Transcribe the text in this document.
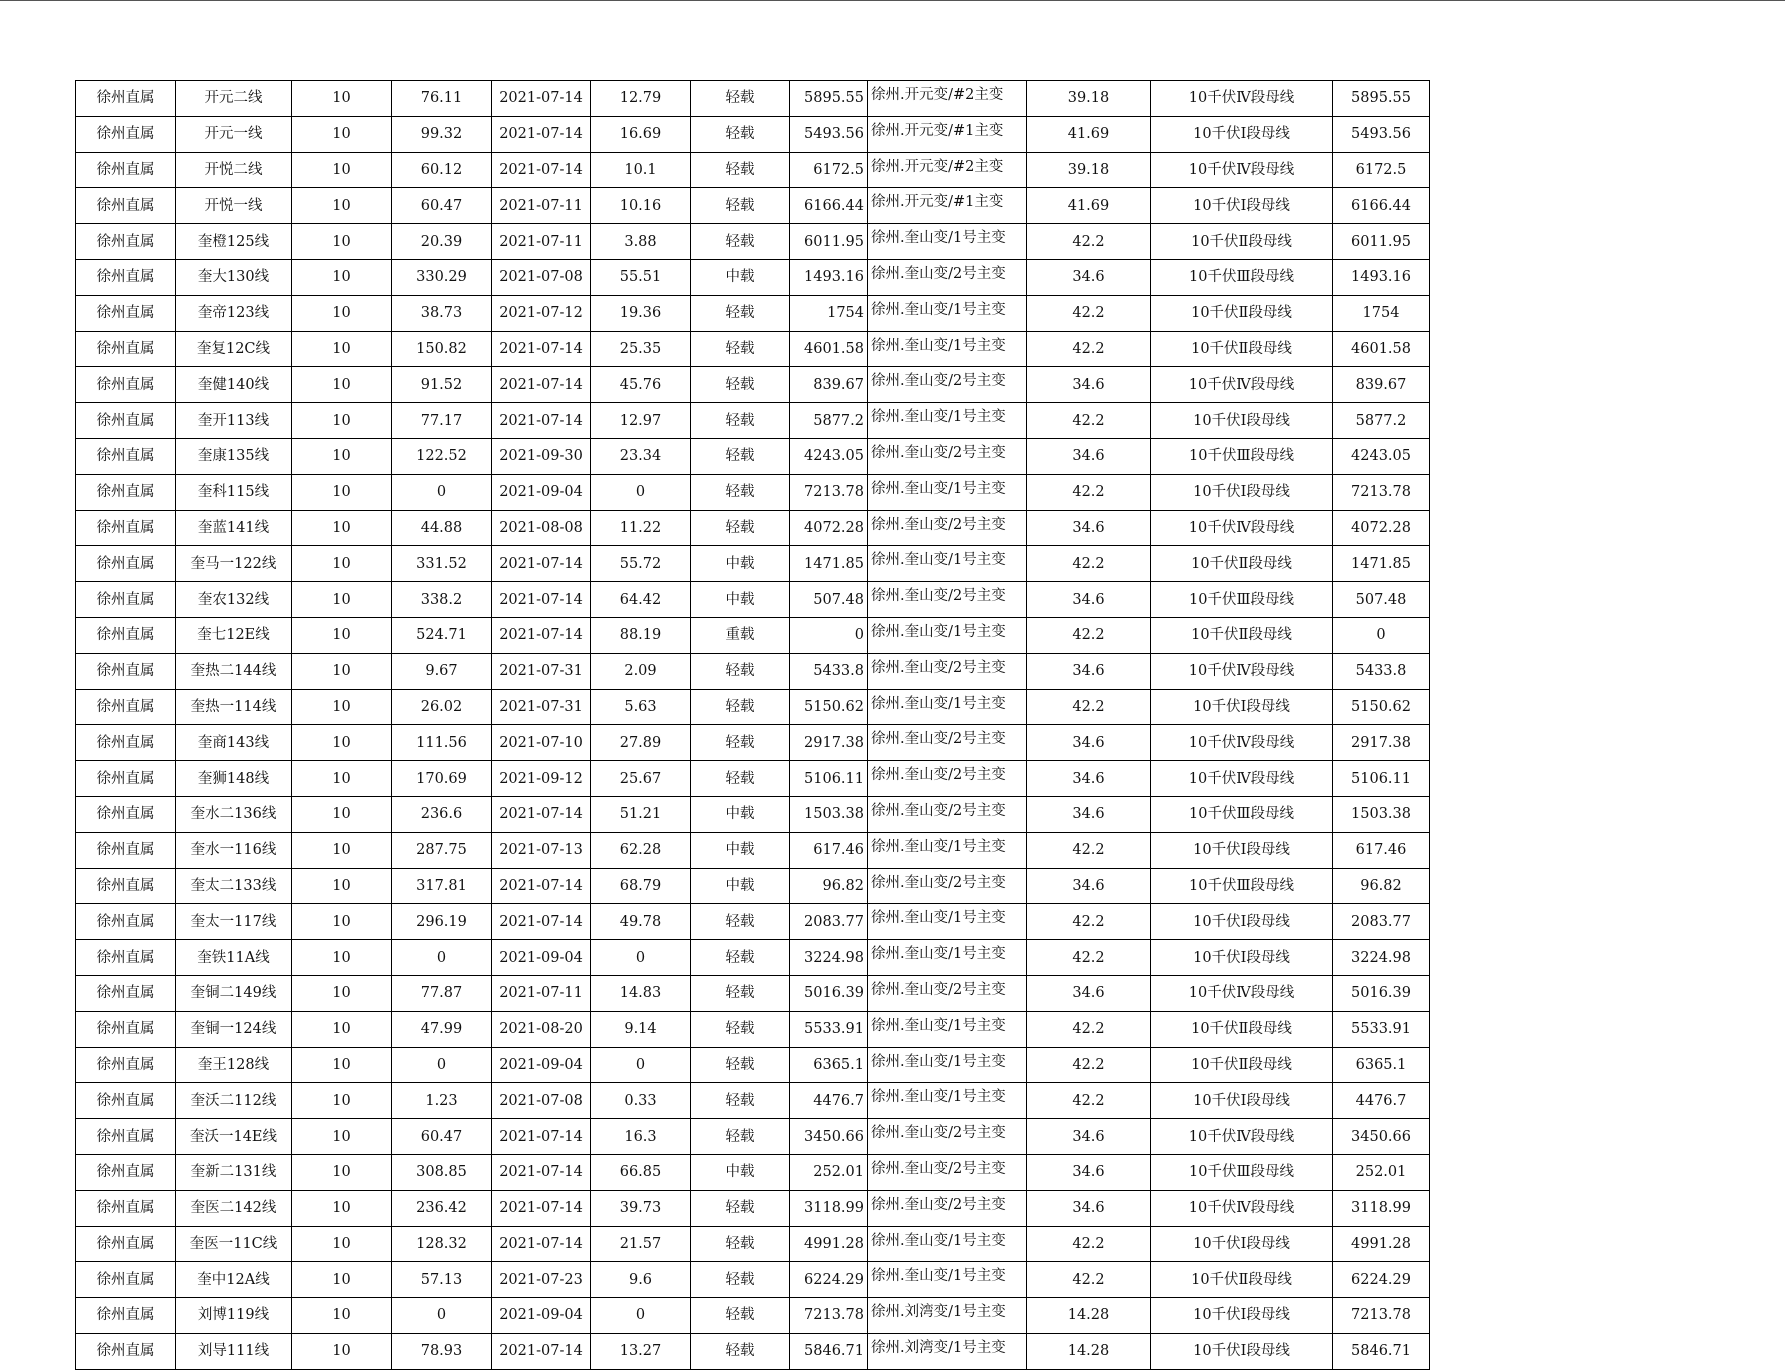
徐州直属	开元二线	10	76.11	2021-07-14	12.79	轻载	5895.55	徐州.开元变/#2主变	39.18	10千伏Ⅳ段母线	5895.55
徐州直属	开元一线	10	99.32	2021-07-14	16.69	轻载	5493.56	徐州.开元变/#1主变	41.69	10千伏Ⅰ段母线	5493.56
徐州直属	开悦二线	10	60.12	2021-07-14	10.1	轻载	6172.5	徐州.开元变/#2主变	39.18	10千伏Ⅳ段母线	6172.5
徐州直属	开悦一线	10	60.47	2021-07-11	10.16	轻载	6166.44	徐州.开元变/#1主变	41.69	10千伏Ⅰ段母线	6166.44
徐州直属	奎橙125线	10	20.39	2021-07-11	3.88	轻载	6011.95	徐州.奎山变/1号主变	42.2	10千伏Ⅱ段母线	6011.95
徐州直属	奎大130线	10	330.29	2021-07-08	55.51	中载	1493.16	徐州.奎山变/2号主变	34.6	10千伏Ⅲ段母线	1493.16
徐州直属	奎帝123线	10	38.73	2021-07-12	19.36	轻载	1754	徐州.奎山变/1号主变	42.2	10千伏Ⅱ段母线	1754
徐州直属	奎复12C线	10	150.82	2021-07-14	25.35	轻载	4601.58	徐州.奎山变/1号主变	42.2	10千伏Ⅱ段母线	4601.58
徐州直属	奎健140线	10	91.52	2021-07-14	45.76	轻载	839.67	徐州.奎山变/2号主变	34.6	10千伏Ⅳ段母线	839.67
徐州直属	奎开113线	10	77.17	2021-07-14	12.97	轻载	5877.2	徐州.奎山变/1号主变	42.2	10千伏Ⅰ段母线	5877.2
徐州直属	奎康135线	10	122.52	2021-09-30	23.34	轻载	4243.05	徐州.奎山变/2号主变	34.6	10千伏Ⅲ段母线	4243.05
徐州直属	奎科115线	10	0	2021-09-04	0	轻载	7213.78	徐州.奎山变/1号主变	42.2	10千伏Ⅰ段母线	7213.78
徐州直属	奎蓝141线	10	44.88	2021-08-08	11.22	轻载	4072.28	徐州.奎山变/2号主变	34.6	10千伏Ⅳ段母线	4072.28
徐州直属	奎马一122线	10	331.52	2021-07-14	55.72	中载	1471.85	徐州.奎山变/1号主变	42.2	10千伏Ⅱ段母线	1471.85
徐州直属	奎农132线	10	338.2	2021-07-14	64.42	中载	507.48	徐州.奎山变/2号主变	34.6	10千伏Ⅲ段母线	507.48
徐州直属	奎七12E线	10	524.71	2021-07-14	88.19	重载	0	徐州.奎山变/1号主变	42.2	10千伏Ⅱ段母线	0
徐州直属	奎热二144线	10	9.67	2021-07-31	2.09	轻载	5433.8	徐州.奎山变/2号主变	34.6	10千伏Ⅳ段母线	5433.8
徐州直属	奎热一114线	10	26.02	2021-07-31	5.63	轻载	5150.62	徐州.奎山变/1号主变	42.2	10千伏Ⅰ段母线	5150.62
徐州直属	奎商143线	10	111.56	2021-07-10	27.89	轻载	2917.38	徐州.奎山变/2号主变	34.6	10千伏Ⅳ段母线	2917.38
徐州直属	奎狮148线	10	170.69	2021-09-12	25.67	轻载	5106.11	徐州.奎山变/2号主变	34.6	10千伏Ⅳ段母线	5106.11
徐州直属	奎水二136线	10	236.6	2021-07-14	51.21	中载	1503.38	徐州.奎山变/2号主变	34.6	10千伏Ⅲ段母线	1503.38
徐州直属	奎水一116线	10	287.75	2021-07-13	62.28	中载	617.46	徐州.奎山变/1号主变	42.2	10千伏Ⅰ段母线	617.46
徐州直属	奎太二133线	10	317.81	2021-07-14	68.79	中载	96.82	徐州.奎山变/2号主变	34.6	10千伏Ⅲ段母线	96.82
徐州直属	奎太一117线	10	296.19	2021-07-14	49.78	轻载	2083.77	徐州.奎山变/1号主变	42.2	10千伏Ⅰ段母线	2083.77
徐州直属	奎铁11A线	10	0	2021-09-04	0	轻载	3224.98	徐州.奎山变/1号主变	42.2	10千伏Ⅰ段母线	3224.98
徐州直属	奎铜二149线	10	77.87	2021-07-11	14.83	轻载	5016.39	徐州.奎山变/2号主变	34.6	10千伏Ⅳ段母线	5016.39
徐州直属	奎铜一124线	10	47.99	2021-08-20	9.14	轻载	5533.91	徐州.奎山变/1号主变	42.2	10千伏Ⅱ段母线	5533.91
徐州直属	奎王128线	10	0	2021-09-04	0	轻载	6365.1	徐州.奎山变/1号主变	42.2	10千伏Ⅱ段母线	6365.1
徐州直属	奎沃二112线	10	1.23	2021-07-08	0.33	轻载	4476.7	徐州.奎山变/1号主变	42.2	10千伏Ⅰ段母线	4476.7
徐州直属	奎沃一14E线	10	60.47	2021-07-14	16.3	轻载	3450.66	徐州.奎山变/2号主变	34.6	10千伏Ⅳ段母线	3450.66
徐州直属	奎新二131线	10	308.85	2021-07-14	66.85	中载	252.01	徐州.奎山变/2号主变	34.6	10千伏Ⅲ段母线	252.01
徐州直属	奎医二142线	10	236.42	2021-07-14	39.73	轻载	3118.99	徐州.奎山变/2号主变	34.6	10千伏Ⅳ段母线	3118.99
徐州直属	奎医一11C线	10	128.32	2021-07-14	21.57	轻载	4991.28	徐州.奎山变/1号主变	42.2	10千伏Ⅰ段母线	4991.28
徐州直属	奎中12A线	10	57.13	2021-07-23	9.6	轻载	6224.29	徐州.奎山变/1号主变	42.2	10千伏Ⅱ段母线	6224.29
徐州直属	刘博119线	10	0	2021-09-04	0	轻载	7213.78	徐州.刘湾变/1号主变	14.28	10千伏Ⅰ段母线	7213.78
徐州直属	刘导111线	10	78.93	2021-07-14	13.27	轻载	5846.71	徐州.刘湾变/1号主变	14.28	10千伏Ⅰ段母线	5846.71
